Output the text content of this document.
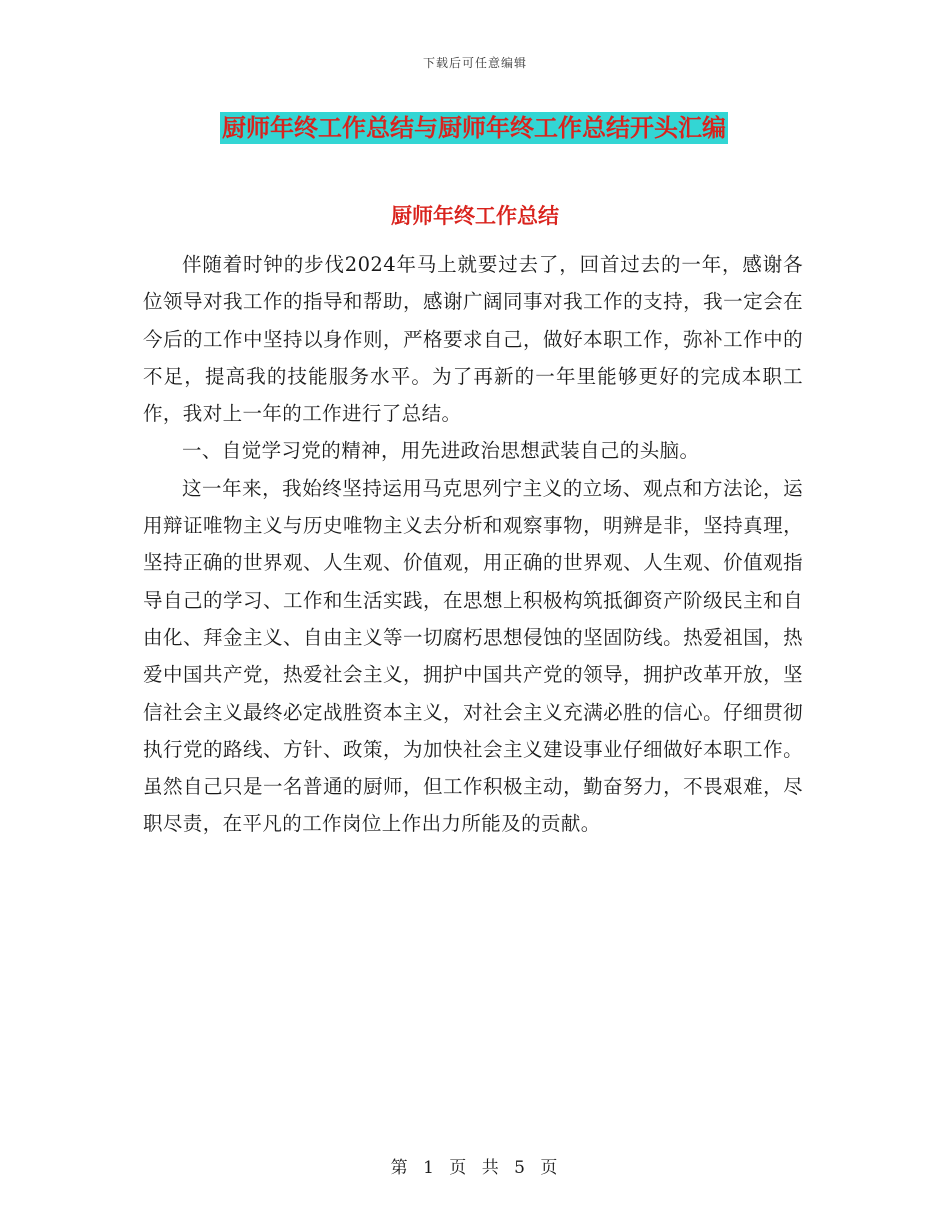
下载后可任意编辑
厨师年终工作总结与厨师年终工作总结开头汇编
厨师年终工作总结

伴随着时钟的步伐2024年马上就要过去了，回首过去的一年，感谢各位领导对我工作的指导和帮助，感谢广阔同事对我工作的支持，我一定会在今后的工作中坚持以身作则，严格要求自己，做好本职工作，弥补工作中的不足，提高我的技能服务水平。为了再新的一年里能够更好的完成本职工作，我对上一年的工作进行了总结。

一、自觉学习党的精神，用先进政治思想武装自己的头脑。

这一年来，我始终坚持运用马克思列宁主义的立场、观点和方法论，运用辩证唯物主义与历史唯物主义去分析和观察事物，明辨是非，坚持真理，坚持正确的世界观、人生观、价值观，用正确的世界观、人生观、价值观指导自己的学习、工作和生活实践，在思想上积极构筑抵御资产阶级民主和自由化、拜金主义、自由主义等一切腐朽思想侵蚀的坚固防线。热爱祖国，热爱中国共产党，热爱社会主义，拥护中国共产党的领导，拥护改革开放，坚信社会主义最终必定战胜资本主义，对社会主义充满必胜的信心。仔细贯彻执行党的路线、方针、政策，为加快社会主义建设事业仔细做好本职工作。虽然自己只是一名普通的厨师，但工作积极主动，勤奋努力，不畏艰难，尽职尽责，在平凡的工作岗位上作出力所能及的贡献。

第 1 页 共 5 页
